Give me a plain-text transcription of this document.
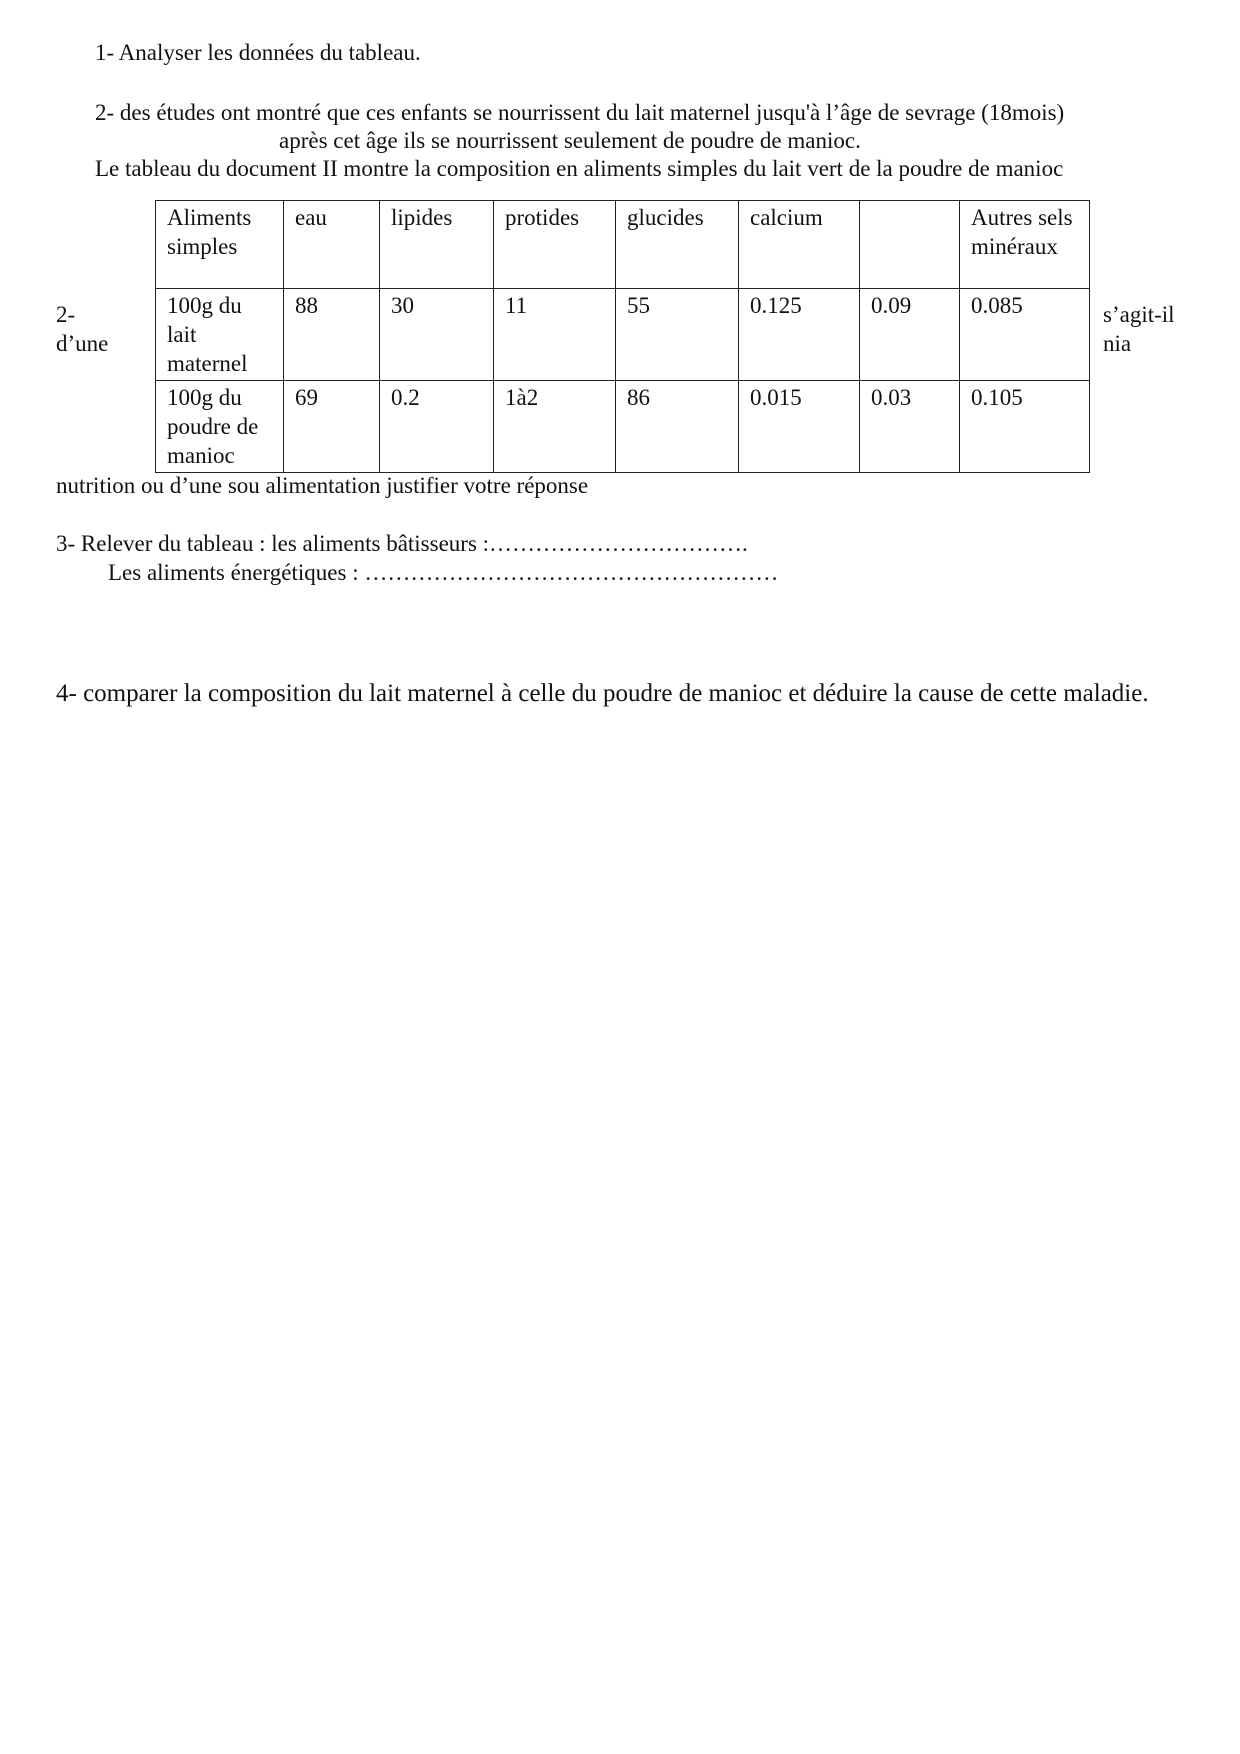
1- Analyser les données du tableau.
2- des études ont montré que ces enfants se nourrissent du lait maternel jusqu'à l’âge de sevrage (18mois)
après cet âge ils se nourrissent seulement de poudre de manioc.
Le tableau du document II montre la composition en aliments simples du lait vert de la poudre de manioc
2-
d’une
s’agit-il
nia
Aliments simples	eau	lipides	protides	glucides	calcium		Autres sels minéraux
100g du lait maternel	88	30	11	55	0.125	0.09	0.085
100g du poudre de manioc	69	0.2	1à2	86	0.015	0.03	0.105
nutrition ou d’une sou alimentation justifier votre réponse
3- Relever du tableau : les aliments bâtisseurs :…………………………….
Les aliments énergétiques : ………………………………………………
4- comparer la composition du lait maternel à celle du poudre de manioc et déduire la cause de cette maladie.
